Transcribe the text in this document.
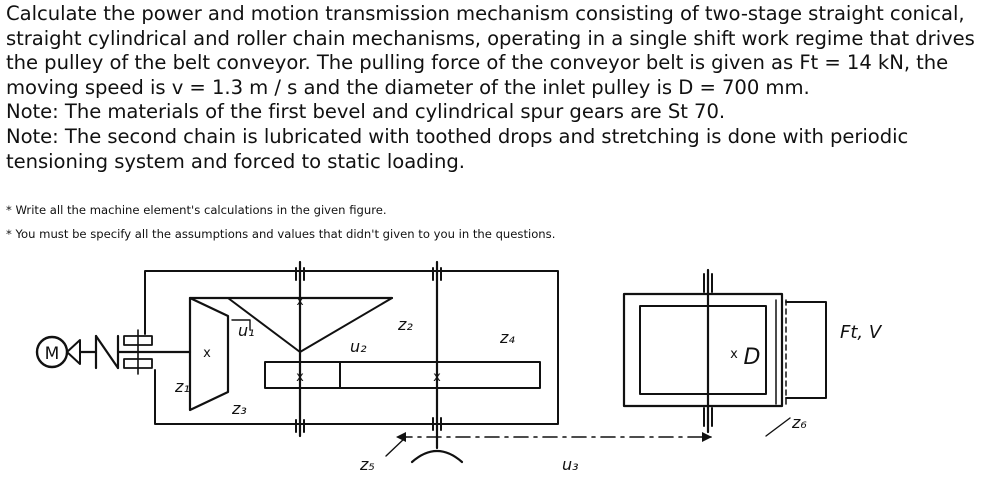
Calculate the power and motion transmission mechanism consisting of two-stage straight conical, straight cylindrical and roller chain mechanisms, operating in a single shift work regime that drives the pulley of the belt conveyor. The pulling force of the conveyor belt is given as Ft = 14 kN, the moving speed is v = 1.3 m / s and the diameter of the inlet pulley is D = 700 mm.

Note: The materials of the first bevel and cylindrical spur gears are St 70.

Note: The second chain is lubricated with toothed drops and stretching is done with periodic tensioning system and forced to static loading.

* Write all the machine element's calculations in the given figure.
* You must be specify all the assumptions and values that didn't given to you in the questions.
M	x
z₁
z₂
u₁
x
z₃
x
z₄
u₂
x
z₅	u₃
x D
Ft, V
z₆
